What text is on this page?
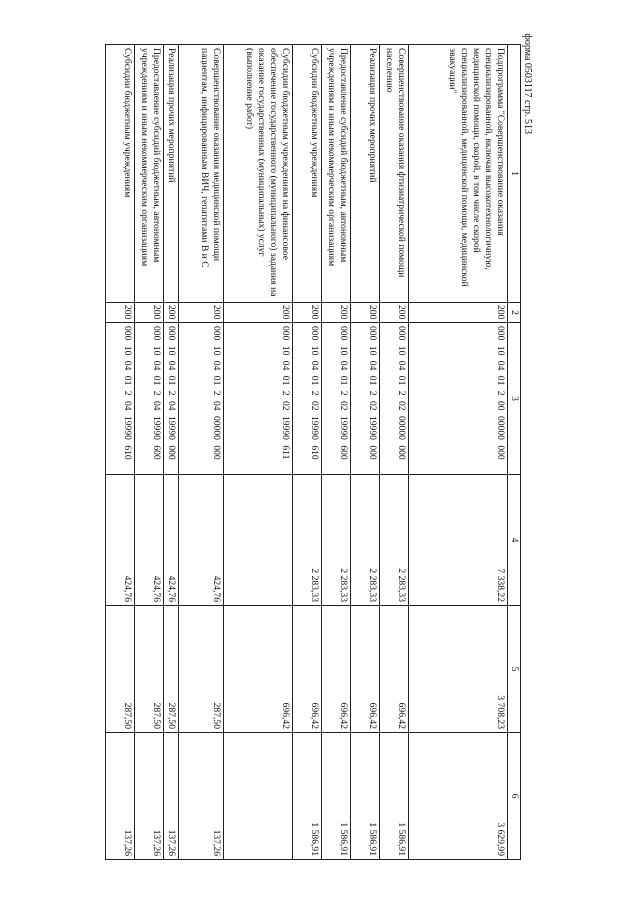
форма 0503117 стр. 513
1	2	3	4	5	6
Подпрограмма "Совершенствование оказания специализированной, включая высокотехнологичную, медицинской помощи, скорой, в том числе скорой специализированной, медицинской помощи, медицинской эвакуации"	200	000 10 04 01 2 00 00000 000	7 338,22	3 708,23	3 629,99
Совершенствование оказания фтизиатрической помощи населению	200	000 10 04 01 2 02 00000 000	2 283,33	696,42	1 586,91
Реализация прочих мероприятий	200	000 10 04 01 2 02 19990 000	2 283,33	696,42	1 586,91
Предоставление субсидий бюджетным, автономным учреждениям и иным некоммерческим организациям	200	000 10 04 01 2 02 19990 600	2 283,33	696,42	1 586,91
Субсидии бюджетным учреждениям	200	000 10 04 01 2 02 19990 610	2 283,33	696,42	1 586,91
Субсидии бюджетным учреждениям на финансовое обеспечение государственного (муниципального) задания на оказание государственных (муниципальных) услуг (выполнение работ)	200	000 10 04 01 2 02 19990 611		696,42	
Совершенствование оказания медицинской помощи пациентам, инфицированным ВИЧ, гепатитами В и С	200	000 10 04 01 2 04 00000 000	424,76	287,50	137,26
Реализация прочих мероприятий	200	000 10 04 01 2 04 19990 000	424,76	287,50	137,26
Предоставление субсидий бюджетным, автономным учреждениям и иным некоммерческим организациям	200	000 10 04 01 2 04 19990 600	424,76	287,50	137,26
Субсидии бюджетным учреждениям	200	000 10 04 01 2 04 19990 610	424,76	287,50	137,26
